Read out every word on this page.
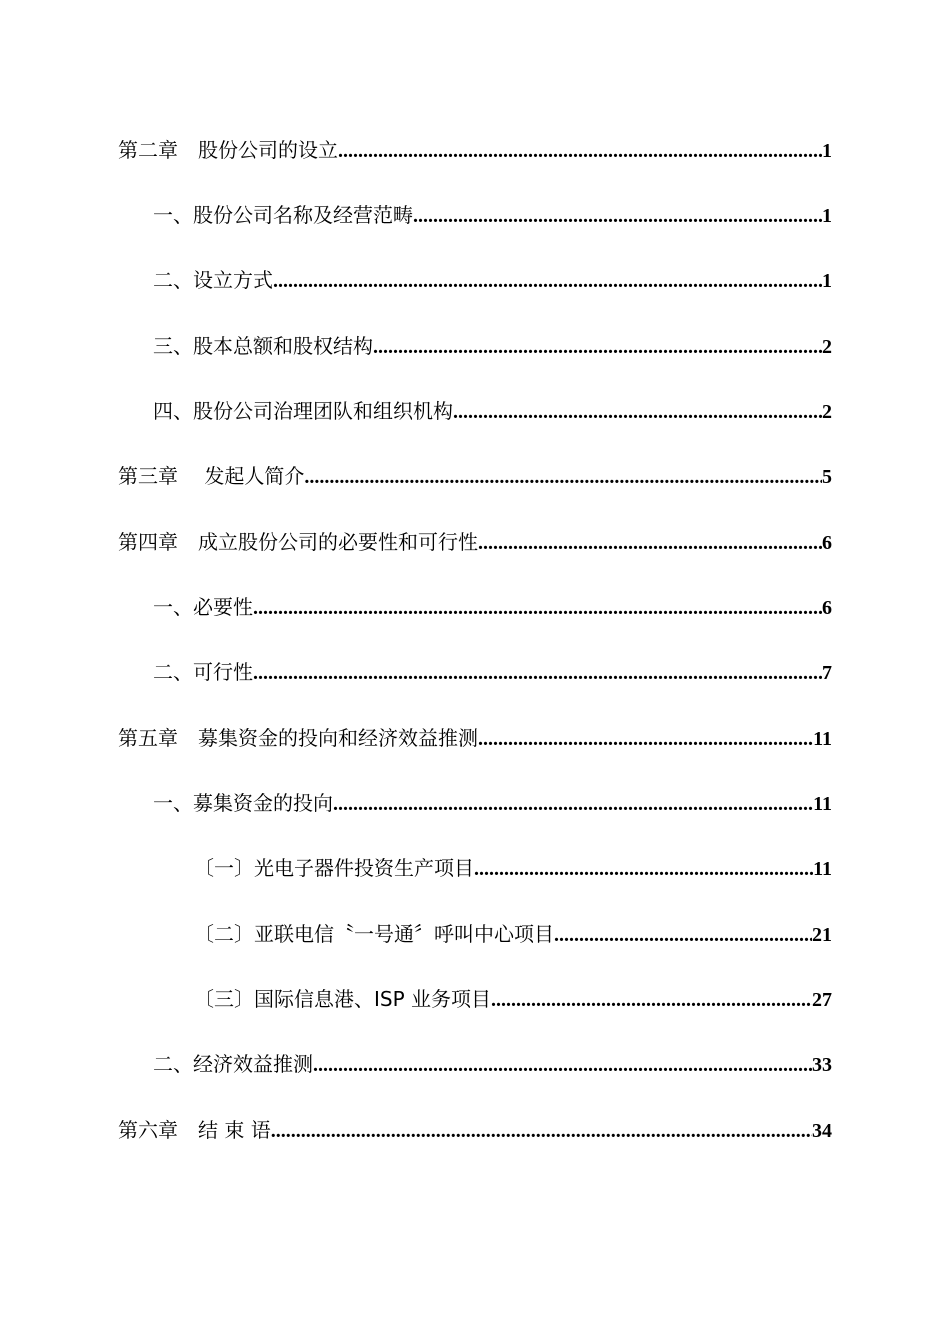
第二章　股份公司的设立 .....	1
一、股份公司名称及经营范畴 .....	1
二、设立方式 .....	1
三、股本总额和股权结构 .....	2
四、股份公司治理团队和组织机构 .....	2
第三章　 发起人简介 .....	5
第四章　成立股份公司的必要性和可行性 .....	6
一、必要性 .....	6
二、可行性 .....	7
第五章　募集资金的投向和经济效益推测 .....	11
一、募集资金的投向 .....	11
〔一〕光电子器件投资生产项目 .....	11
〔二〕亚联电信〝一号通〞呼叫中心项目 .....	21
〔三〕国际信息港、ISP 业务项目 .....	27
二、经济效益推测 .....	33
第六章　结 束 语 .....	34
